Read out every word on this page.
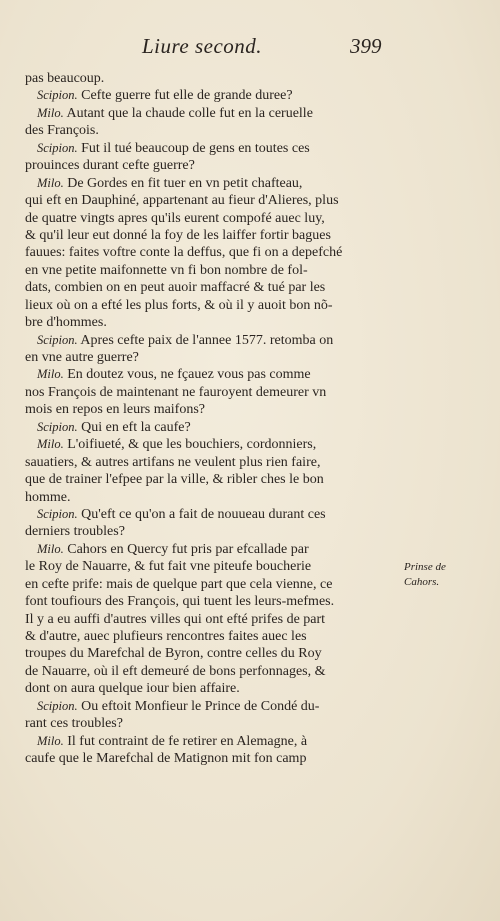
Liure second.	399
pas beaucoup.
Scipion. Cefte guerre fut elle de grande duree?
Milo. Autant que la chaude colle fut en la ceruelle
des François.
Scipion. Fut il tué beaucoup de gens en toutes ces
prouinces durant cefte guerre?
Milo. De Gordes en fit tuer en vn petit chafteau,
qui eft en Dauphiné, appartenant au fieur d'Alieres, plus
de quatre vingts apres qu'ils eurent compofé auec luy,
& qu'il leur eut donné la foy de les laiffer fortir bagues
fauues: faites voftre conte la deffus, que fi on a depefché
en vne petite maifonnette vn fi bon nombre de fol-
dats, combien on en peut auoir maffacré & tué par les
lieux où on a efté les plus forts, & où il y auoit bon nõ-
bre d'hommes.
Scipion. Apres cefte paix de l'annee 1577. retomba on
en vne autre guerre?
Milo. En doutez vous, ne fçauez vous pas comme
nos François de maintenant ne fauroyent demeurer vn
mois en repos en leurs maifons?
Scipion. Qui en eft la caufe?
Milo. L'oifiueté, & que les bouchiers, cordonniers,
sauatiers, & autres artifans ne veulent plus rien faire,
que de trainer l'efpee par la ville, & ribler ches le bon
homme.
Scipion. Qu'eft ce qu'on a fait de nouueau durant ces
derniers troubles?
Milo. Cahors en Quercy fut pris par efcallade par
le Roy de Nauarre, & fut fait vne piteufe boucherie
en cefte prife: mais de quelque part que cela vienne, ce
font toufiours des François, qui tuent les leurs-mefmes.
Il y a eu auffi d'autres villes qui ont efté prifes de part
& d'autre, auec plufieurs rencontres faites auec les
troupes du Marefchal de Byron, contre celles du Roy
de Nauarre, où il eft demeuré de bons perfonnages, &
dont on aura quelque iour bien affaire.
Scipion. Ou eftoit Monfieur le Prince de Condé du-
rant ces troubles?
Milo. Il fut contraint de fe retirer en Alemagne, à
caufe que le Marefchal de Matignon mit fon camp
Prinse de
Cahors.
